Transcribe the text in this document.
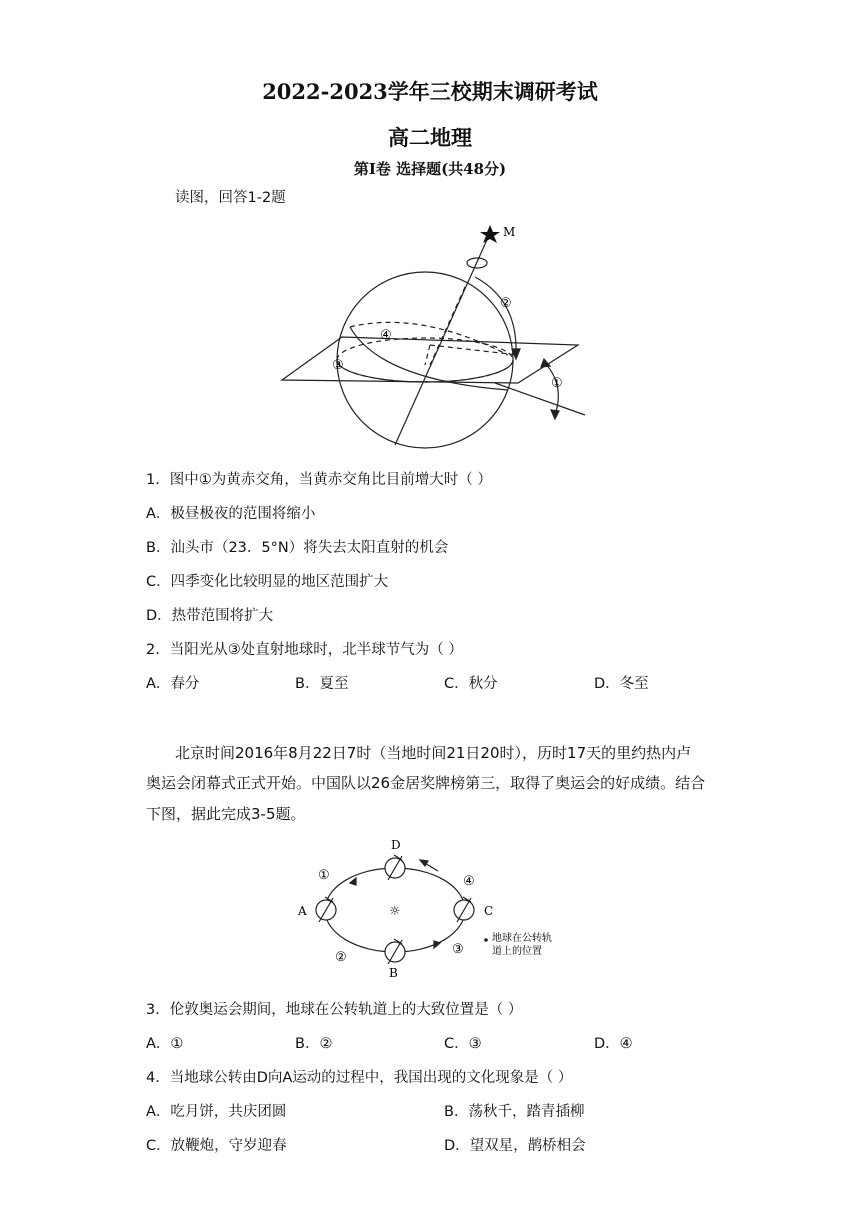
2022-2023学年三校期末调研考试
高二地理
第Ⅰ卷 选择题(共48分)
读图，回答1-2题
M
①
②
③
④
1．图中①为黄赤交角，当黄赤交角比目前增大时（ ）
A．极昼极夜的范围将缩小
B．汕头市（23．5°N）将失去太阳直射的机会
C．四季变化比较明显的地区范围扩大
D．热带范围将扩大
2．当阳光从③处直射地球时，北半球节气为（ ）
A．春分	B．夏至	C．秋分	D．冬至
北京时间2016年8月22日7时（当地时间21日20时），历时17天的里约热内卢
奥运会闭幕式正式开始。中国队以26金居奖牌榜第三，取得了奥运会的好成绩。结合
下图，据此完成3-5题。
D
A	C
B
①	④
②
③
☼
地球在公转轨
道上的位置
3．伦敦奥运会期间，地球在公转轨道上的大致位置是（ ）
A．①	B．②	C．③	D．④
4．当地球公转由D向A运动的过程中，我国出现的文化现象是（ ）
A．吃月饼，共庆团圆	B．荡秋千，踏青插柳
C．放鞭炮，守岁迎春	D．望双星，鹊桥相会
